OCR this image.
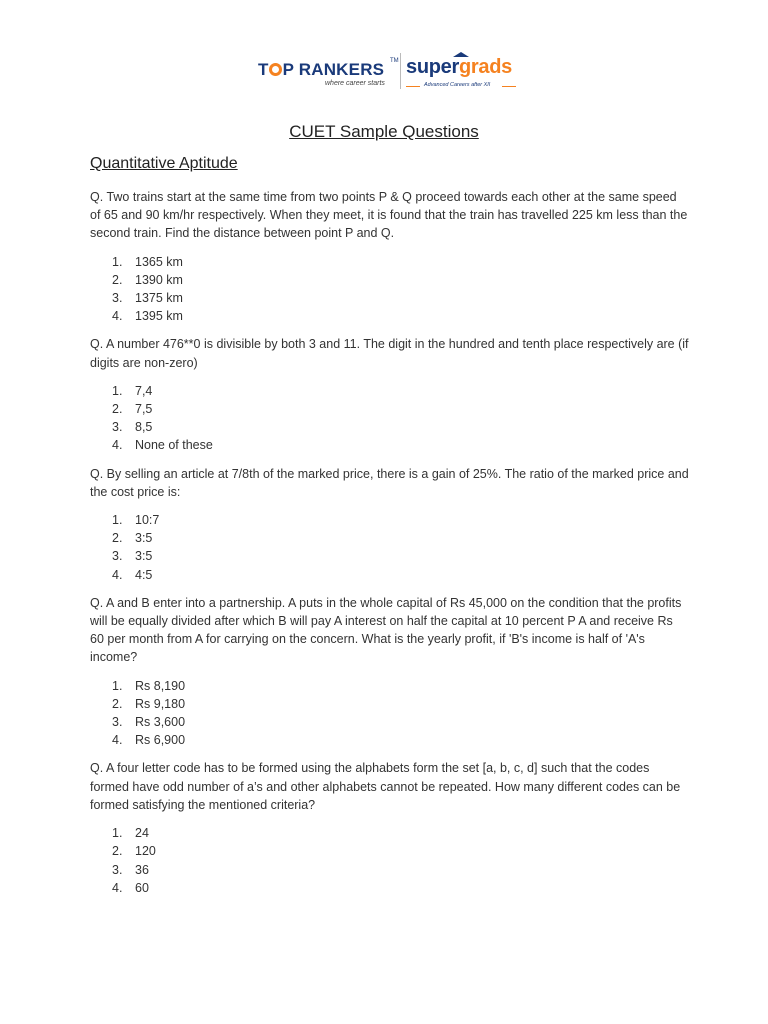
T P RANKERS TM
where career starts
supergrads
Advanced Careers after XII
CUET Sample Questions
Quantitative Aptitude

Q. Two trains start at the same time from two points P & Q proceed towards each other at the same speed of 65 and 90 km/hr respectively. When they meet, it is found that the train has travelled 225 km less than the second train. Find the distance between point P and Q.

1. 1365 km
2. 1390 km
3. 1375 km
4. 1395 km

Q. A number 476**0 is divisible by both 3 and 11. The digit in the hundred and tenth place respectively are (if digits are non-zero)

1. 7,4
2. 7,5
3. 8,5
4. None of these

Q. By selling an article at 7/8th of the marked price, there is a gain of 25%. The ratio of the marked price and the cost price is:

1. 10:7
2. 3:5
3. 3:5
4. 4:5

Q. A and B enter into a partnership. A puts in the whole capital of Rs 45,000 on the condition that the profits will be equally divided after which B will pay A interest on half the capital at 10 percent P A and receive Rs 60 per month from A for carrying on the concern. What is the yearly profit, if 'B's income is half of 'A's income?

1. Rs 8,190
2. Rs 9,180
3. Rs 3,600
4. Rs 6,900

Q. A four letter code has to be formed using the alphabets form the set [a, b, c, d] such that the codes formed have odd number of a’s and other alphabets cannot be repeated. How many different codes can be formed satisfying the mentioned criteria?

1. 24
2. 120
3. 36
4. 60
